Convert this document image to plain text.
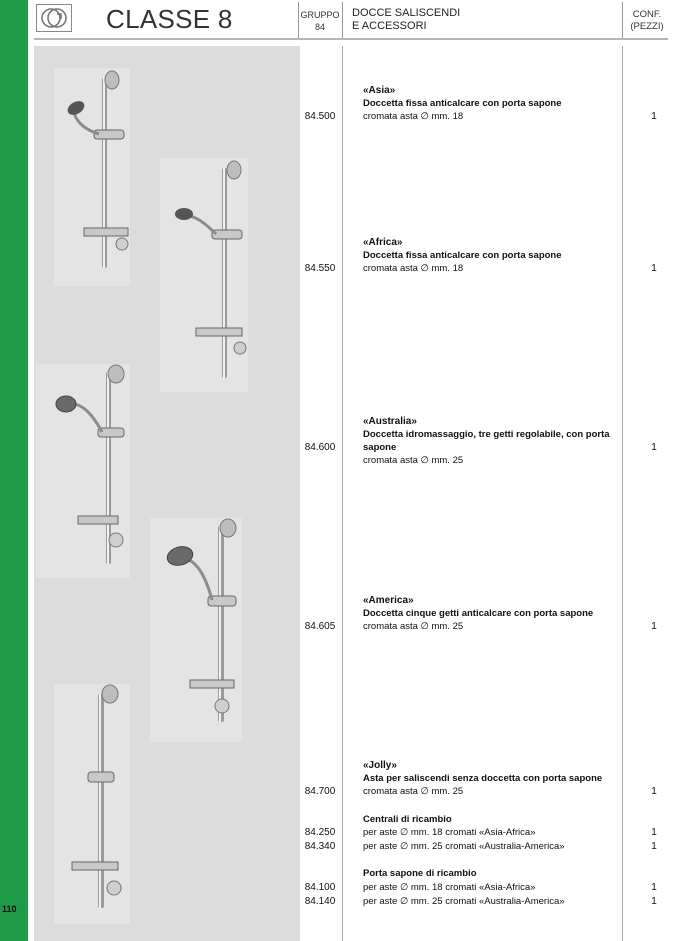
110
CLASSE 8	GRUPPO
84
DOCCE SALISCENDI
E ACCESSORI
CONF.
(PEZZI)
84.500
«Asia»
Doccetta fissa anticalcare con porta sapone
cromata asta ∅ mm. 18	1
84.550
«Africa»
Doccetta fissa anticalcare con porta sapone
cromata asta ∅ mm. 18	1
84.600
«Australia»
Doccetta idromassaggio, tre getti regolabile, con porta sapone
cromata asta ∅ mm. 25
1
84.605
«America»
Doccetta cinque getti anticalcare con porta sapone
cromata asta ∅ mm. 25	1
84.700
«Jolly»
Asta per saliscendi senza doccetta con porta sapone
cromata asta ∅ mm. 25	1
Centrali di ricambio
84.250	per aste ∅ mm. 18 cromati «Asia-Africa»	1
84.340	per aste ∅ mm. 25 cromati «Australia-America»	1
Porta sapone di ricambio
84.100	per aste ∅ mm. 18 cromati «Asia-Africa»	1
84.140	per aste ∅ mm. 25 cromati «Australia-America»	1
